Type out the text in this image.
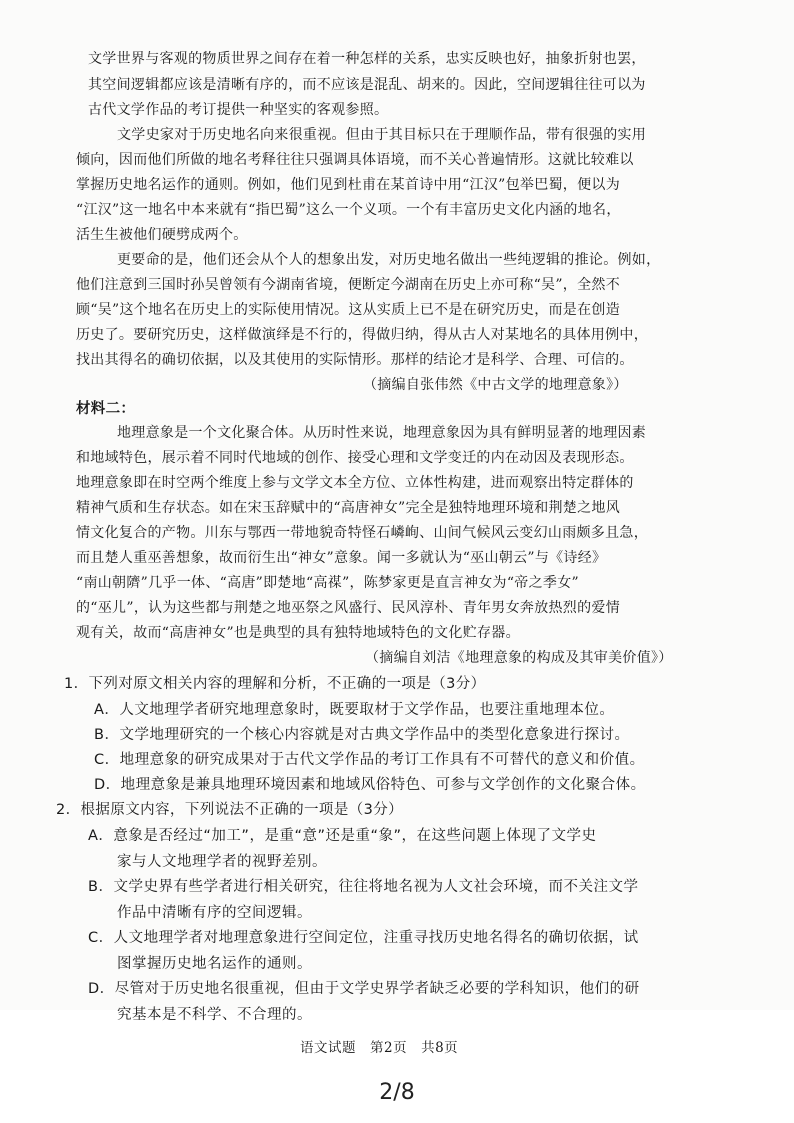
文学世界与客观的物质世界之间存在着一种怎样的关系，忠实反映也好，抽象折射也罢，
其空间逻辑都应该是清晰有序的，而不应该是混乱、胡来的。因此，空间逻辑往往可以为
古代文学作品的考订提供一种坚实的客观参照。
文学史家对于历史地名向来很重视。但由于其目标只在于理顺作品，带有很强的实用
倾向，因而他们所做的地名考释往往只强调具体语境，而不关心普遍情形。这就比较难以
掌握历史地名运作的通则。例如，他们见到杜甫在某首诗中用“江汉”包举巴蜀，便以为
“江汉”这一地名中本来就有“指巴蜀”这么一个义项。一个有丰富历史文化内涵的地名，
活生生被他们硬劈成两个。
更要命的是，他们还会从个人的想象出发，对历史地名做出一些纯逻辑的推论。例如，
他们注意到三国时孙吴曾领有今湖南省境，便断定今湖南在历史上亦可称“吴”，全然不
顾“吴”这个地名在历史上的实际使用情况。这从实质上已不是在研究历史，而是在创造
历史了。要研究历史，这样做演绎是不行的，得做归纳，得从古人对某地名的具体用例中，
找出其得名的确切依据，以及其使用的实际情形。那样的结论才是科学、合理、可信的。
（摘编自张伟然《中古文学的地理意象》）
材料二：
地理意象是一个文化聚合体。从历时性来说，地理意象因为具有鲜明显著的地理因素
和地域特色，展示着不同时代地域的创作、接受心理和文学变迁的内在动因及表现形态。
地理意象即在时空两个维度上参与文学文本全方位、立体性构建，进而观察出特定群体的
精神气质和生存状态。如在宋玉辞赋中的“高唐神女”完全是独特地理环境和荆楚之地风
情文化复合的产物。川东与鄂西一带地貌奇特怪石嶙峋、山间气候风云变幻山雨颇多且急，
而且楚人重巫善想象，故而衍生出“神女”意象。闻一多就认为“巫山朝云”与《诗经》
“南山朝隮”几乎一体、“高唐”即楚地“高禖”，陈梦家更是直言神女为“帝之季女”
的“巫儿”，认为这些都与荆楚之地巫祭之风盛行、民风淳朴、青年男女奔放热烈的爱情
观有关，故而“高唐神女”也是典型的具有独特地域特色的文化贮存器。
（摘编自刘洁《地理意象的构成及其审美价值》）
1．下列对原文相关内容的理解和分析，不正确的一项是（3分）
A．人文地理学者研究地理意象时，既要取材于文学作品，也要注重地理本位。
B．文学地理研究的一个核心内容就是对古典文学作品中的类型化意象进行探讨。
C．地理意象的研究成果对于古代文学作品的考订工作具有不可替代的意义和价值。
D．地理意象是兼具地理环境因素和地域风俗特色、可参与文学创作的文化聚合体。
2．根据原文内容，下列说法不正确的一项是（3分）
A．意象是否经过“加工”，是重“意”还是重“象”，在这些问题上体现了文学史
家与人文地理学者的视野差别。
B．文学史界有些学者进行相关研究，往往将地名视为人文社会环境，而不关注文学
作品中清晰有序的空间逻辑。
C．人文地理学者对地理意象进行空间定位，注重寻找历史地名得名的确切依据，试
图掌握历史地名运作的通则。
D．尽管对于历史地名很重视，但由于文学史界学者缺乏必要的学科知识，他们的研
究基本是不科学、不合理的。
语文试题　第2页　共8页
2/8
